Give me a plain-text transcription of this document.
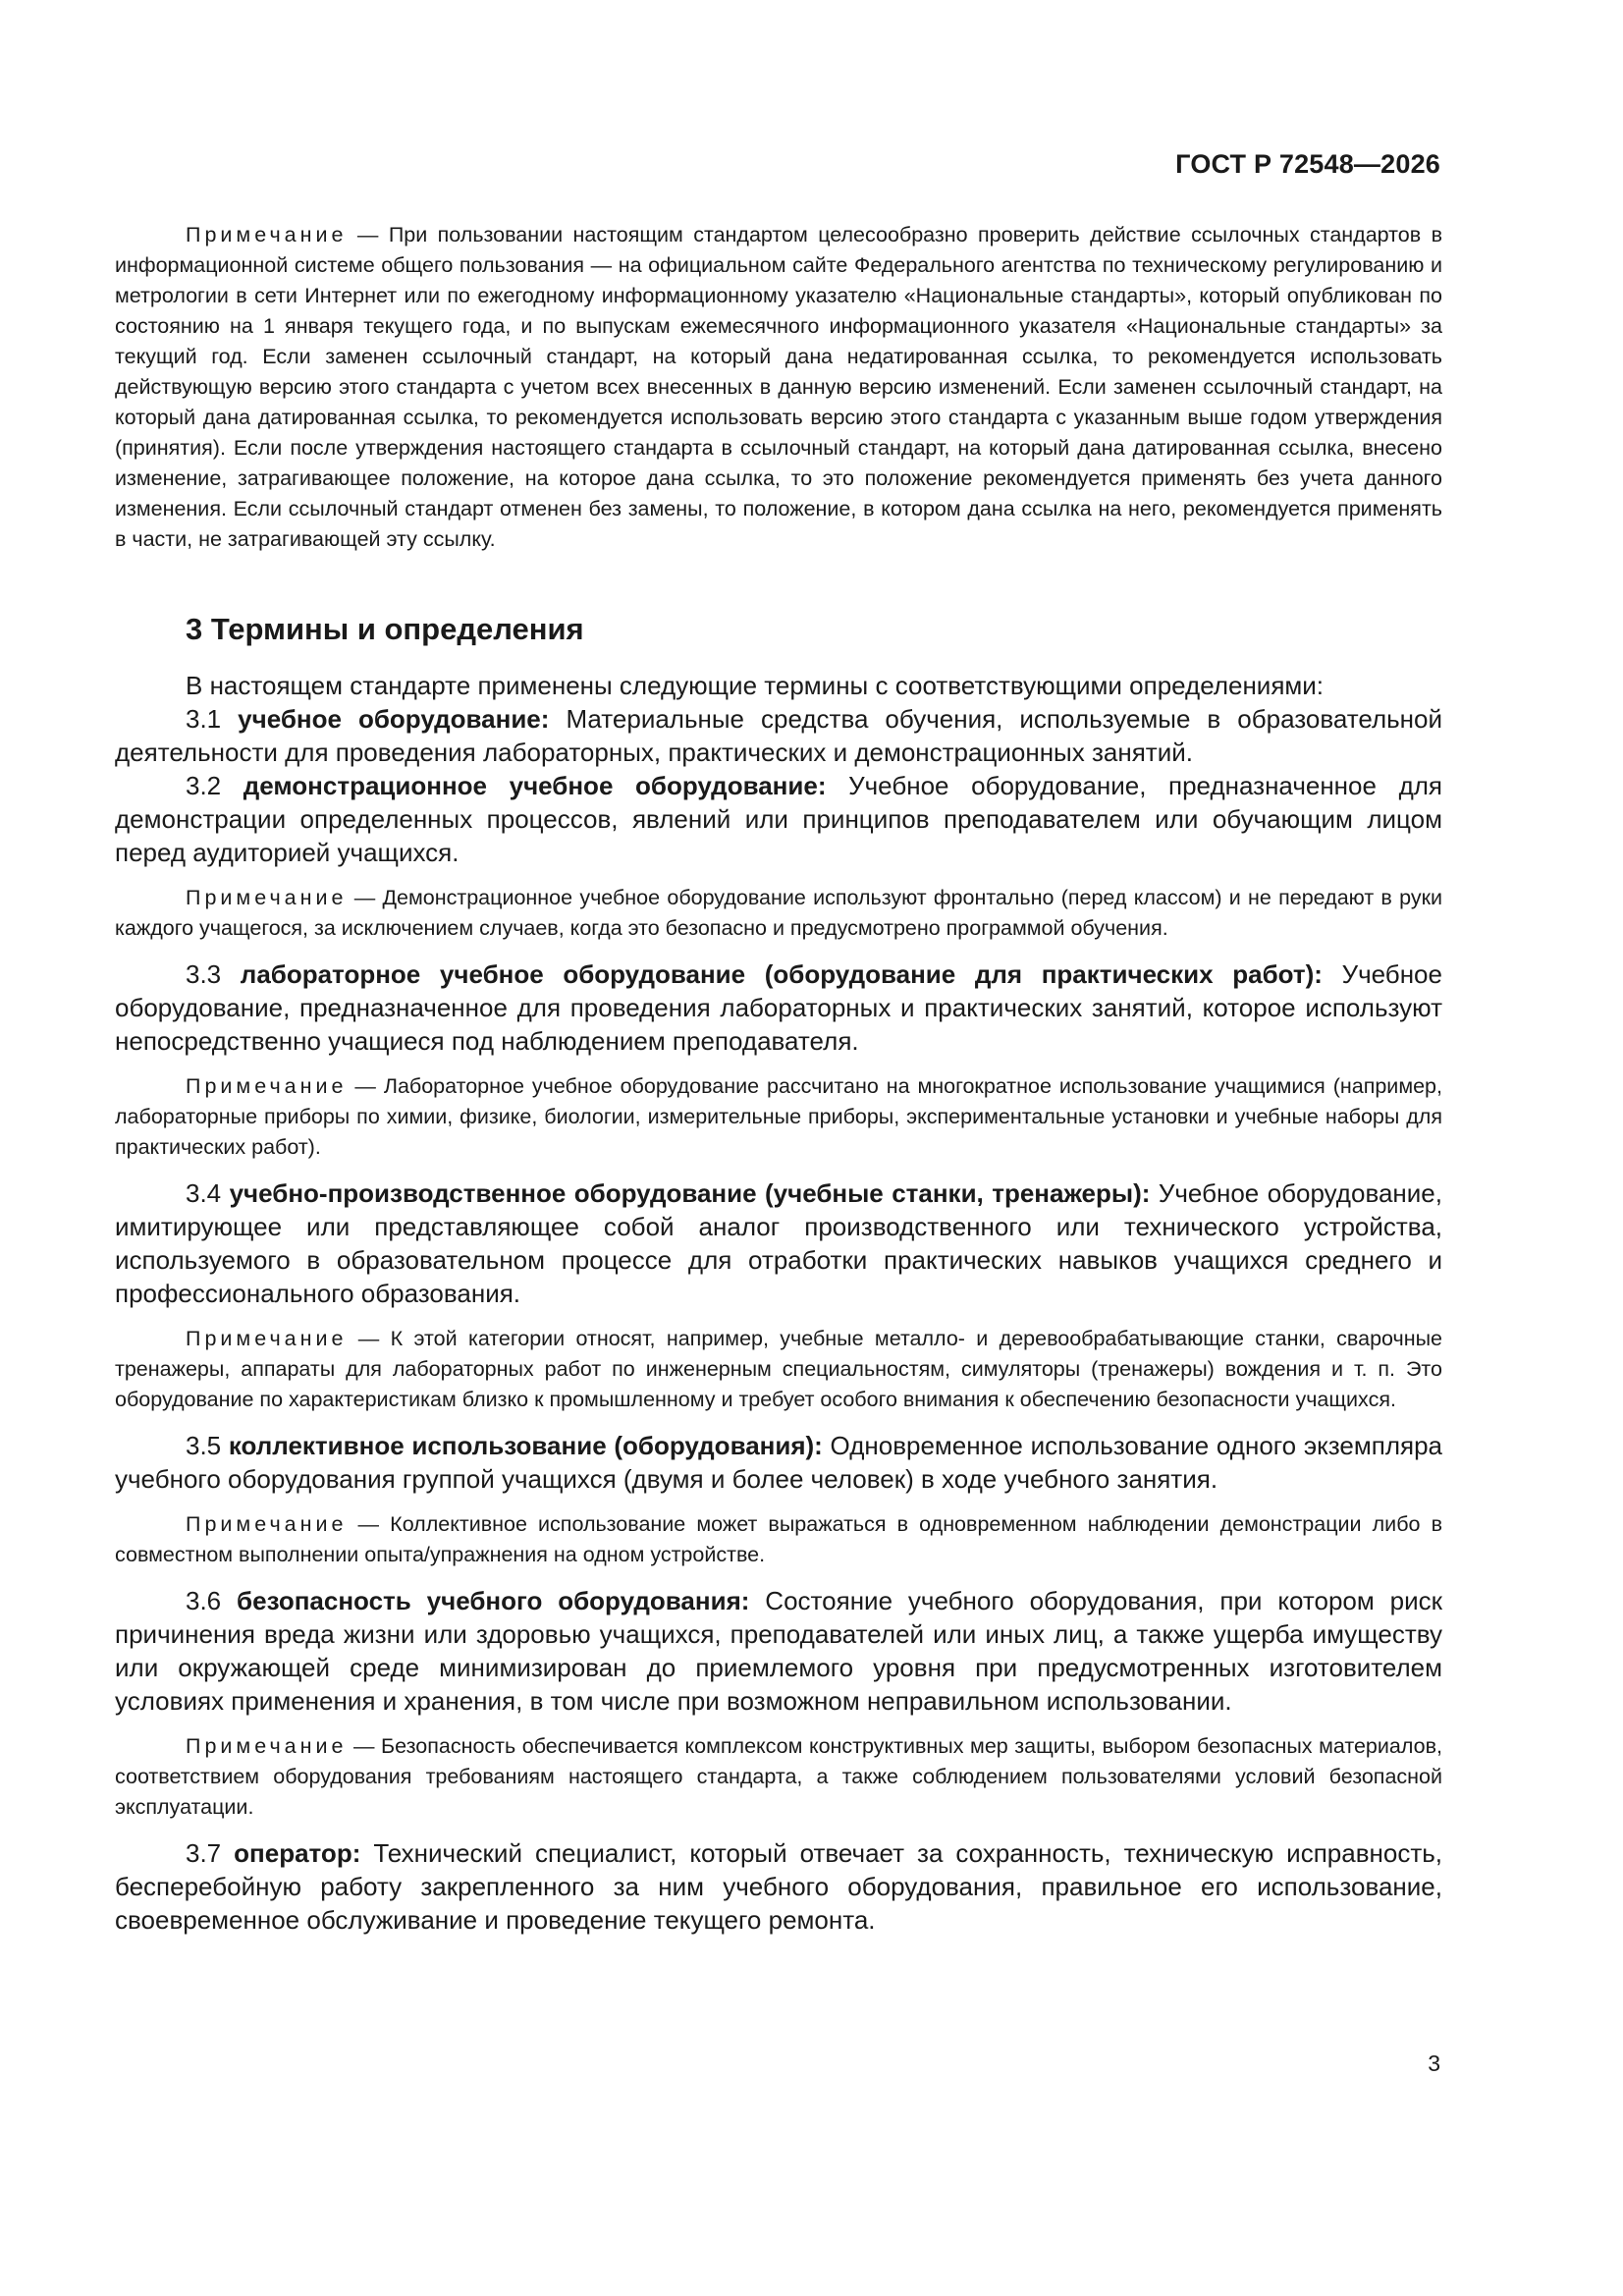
ГОСТ Р 72548—2026

Примечание — При пользовании настоящим стандартом целесообразно проверить действие ссылочных стандартов в информационной системе общего пользования — на официальном сайте Федерального агентства по техническому регулированию и метрологии в сети Интернет или по ежегодному информационному указателю «Национальные стандарты», который опубликован по состоянию на 1 января текущего года, и по выпускам ежемесячного информационного указателя «Национальные стандарты» за текущий год. Если заменен ссылочный стандарт, на который дана недатированная ссылка, то рекомендуется использовать действующую версию этого стандарта с учетом всех внесенных в данную версию изменений. Если заменен ссылочный стандарт, на который дана датированная ссылка, то рекомендуется использовать версию этого стандарта с указанным выше годом утверждения (принятия). Если после утверждения настоящего стандарта в ссылочный стандарт, на который дана датированная ссылка, внесено изменение, затрагивающее положение, на которое дана ссылка, то это положение рекомендуется применять без учета данного изменения. Если ссылочный стандарт отменен без замены, то положение, в котором дана ссылка на него, рекомендуется применять в части, не затрагивающей эту ссылку.

3 Термины и определения

В настоящем стандарте применены следующие термины с соответствующими определениями:

3.1 учебное оборудование: Материальные средства обучения, используемые в образовательной деятельности для проведения лабораторных, практических и демонстрационных занятий.

3.2 демонстрационное учебное оборудование: Учебное оборудование, предназначенное для демонстрации определенных процессов, явлений или принципов преподавателем или обучающим лицом перед аудиторией учащихся.

Примечание — Демонстрационное учебное оборудование используют фронтально (перед классом) и не передают в руки каждого учащегося, за исключением случаев, когда это безопасно и предусмотрено программой обучения.

3.3 лабораторное учебное оборудование (оборудование для практических работ): Учебное оборудование, предназначенное для проведения лабораторных и практических занятий, которое используют непосредственно учащиеся под наблюдением преподавателя.

Примечание — Лабораторное учебное оборудование рассчитано на многократное использование учащимися (например, лабораторные приборы по химии, физике, биологии, измерительные приборы, экспериментальные установки и учебные наборы для практических работ).

3.4 учебно-производственное оборудование (учебные станки, тренажеры): Учебное оборудование, имитирующее или представляющее собой аналог производственного или технического устройства, используемого в образовательном процессе для отработки практических навыков учащихся среднего и профессионального образования.

Примечание — К этой категории относят, например, учебные металло- и деревообрабатывающие станки, сварочные тренажеры, аппараты для лабораторных работ по инженерным специальностям, симуляторы (тренажеры) вождения и т. п. Это оборудование по характеристикам близко к промышленному и требует особого внимания к обеспечению безопасности учащихся.

3.5 коллективное использование (оборудования): Одновременное использование одного экземпляра учебного оборудования группой учащихся (двумя и более человек) в ходе учебного занятия.

Примечание — Коллективное использование может выражаться в одновременном наблюдении демонстрации либо в совместном выполнении опыта/упражнения на одном устройстве.

3.6 безопасность учебного оборудования: Состояние учебного оборудования, при котором риск причинения вреда жизни или здоровью учащихся, преподавателей или иных лиц, а также ущерба имуществу или окружающей среде минимизирован до приемлемого уровня при предусмотренных изготовителем условиях применения и хранения, в том числе при возможном неправильном использовании.

Примечание — Безопасность обеспечивается комплексом конструктивных мер защиты, выбором безопасных материалов, соответствием оборудования требованиям настоящего стандарта, а также соблюдением пользователями условий безопасной эксплуатации.

3.7 оператор: Технический специалист, который отвечает за сохранность, техническую исправность, бесперебойную работу закрепленного за ним учебного оборудования, правильное его использование, своевременное обслуживание и проведение текущего ремонта.

3
